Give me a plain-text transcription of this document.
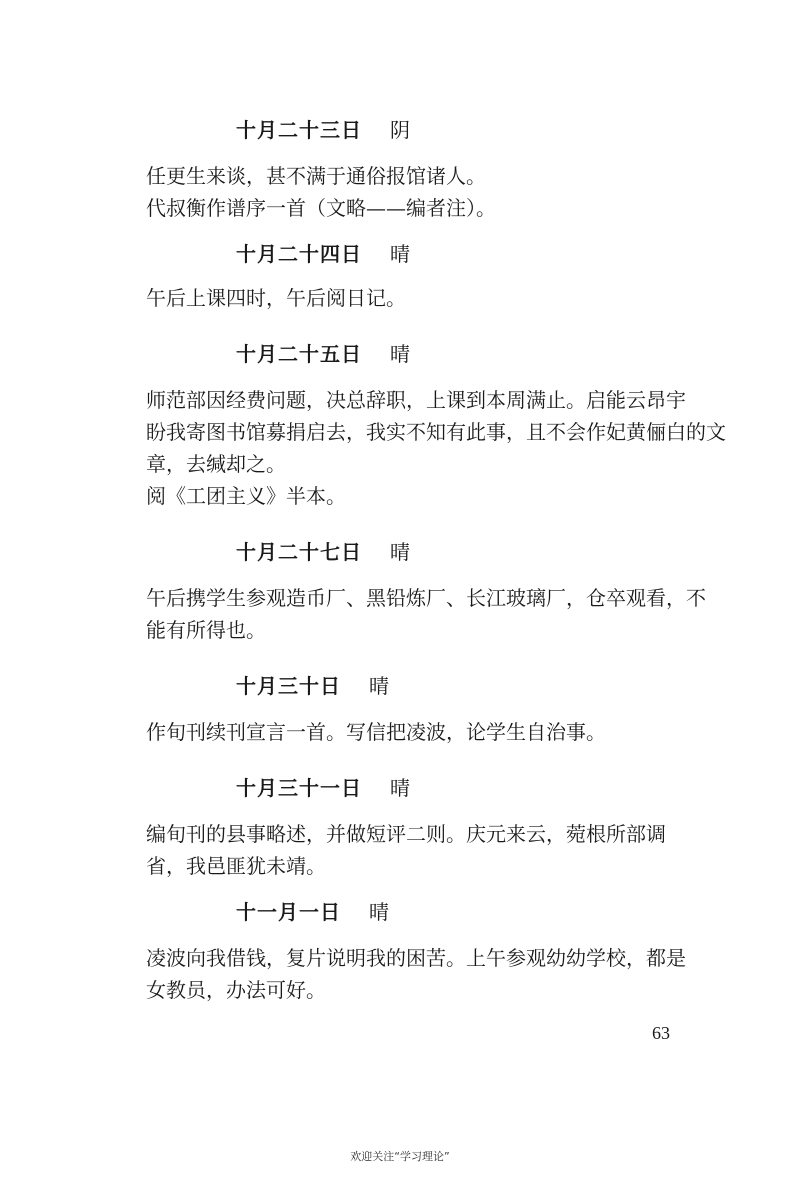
十月二十三日 阴
任更生来谈，甚不满于通俗报馆诸人。
代叔衡作谱序一首（文略——编者注）。
十月二十四日 晴
午后上课四时，午后阅日记。
十月二十五日 晴
师范部因经费问题，决总辞职，上课到本周满止。启能云昂宇
盼我寄图书馆募捐启去，我实不知有此事，且不会作妃黄俪白的文
章，去缄却之。
阅《工团主义》半本。
十月二十七日 晴
午后携学生参观造币厂、黑铅炼厂、长江玻璃厂，仓卒观看，不
能有所得也。
十月三十日 晴
作旬刊续刊宣言一首。写信把凌波，论学生自治事。
十月三十一日 晴
编旬刊的县事略述，并做短评二则。庆元来云，菀根所部调
省，我邑匪犹未靖。
十一月一日 晴
凌波向我借钱，复片说明我的困苦。上午参观幼幼学校，都是
女教员，办法可好。
63
欢迎关注“学习理论”
